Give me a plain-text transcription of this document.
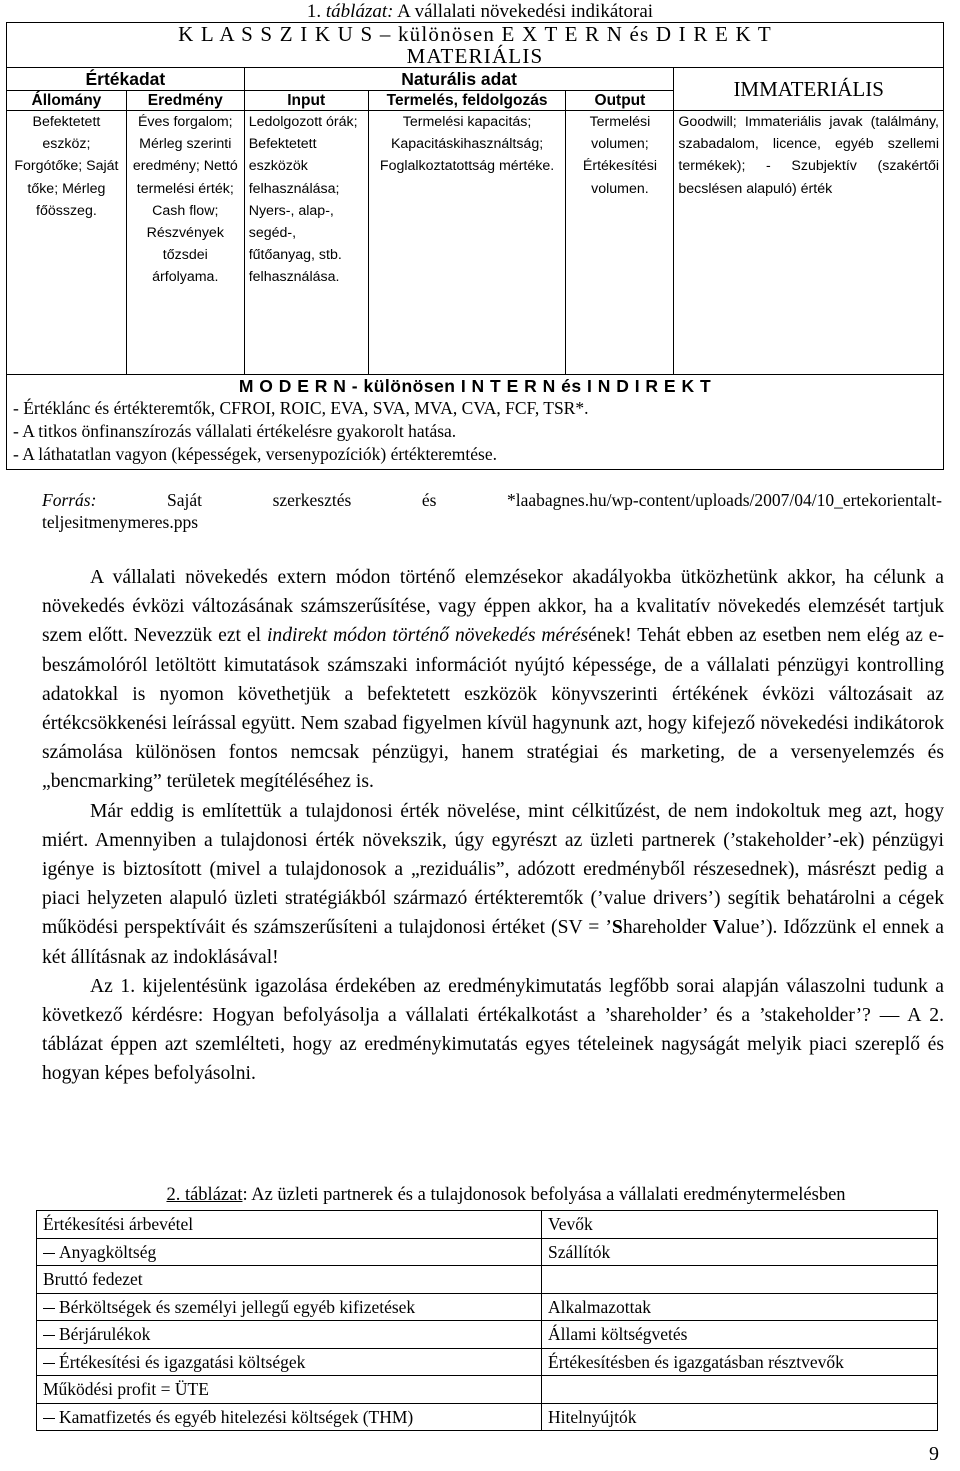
1. táblázat: A vállalati növekedési indikátorai
K L A S S Z I K U S – különösen E X T E R N és D I R E K T
MATERIÁLIS					

Értékadat		Naturális adat			IMMATERIÁLIS
Állomány	Eredmény	Input	Termelés, feldolgozás	Output	
Befektetett eszköz; Forgótőke; Saját tőke; Mérleg főösszeg.	Éves forgalom; Mérleg szerinti eredmény; Nettó termelési érték; Cash flow; Részvények tőzsdei árfolyama.	Ledolgozott órák; Befektetett eszközök felhasználása; Nyers-, alap-, segéd-, fűtőanyag, stb. felhasználása.	Termelési kapacitás; Kapacitáskihasználtság; Foglalkoztatottság mértéke.	Termelési volumen; Értékesítési volumen.	Goodwill; Immateriális javak (találmány, szabadalom, licence, egyéb szellemi termékek); - Szubjektív (szakértői becslésen alapuló) érték

M O D E R N - különösen I N T E R N és I N D I R E K T
- Értéklánc és értékteremtők, CFROI, ROIC, EVA, SVA, MVA, CVA, FCF, TSR*.
- A titkos önfinanszírozás vállalati értékelésre gyakorolt hatása.
- A láthatatlan vagyon (képességek, versenypozíciók) értékteremtése.					
Forrás:	Saját	szerkesztés	és	*laabagnes.hu/wp-content/uploads/2007/04/10_ertekorientalt-
teljesitmenymeres.pps

A vállalati növekedés extern módon történő elemzésekor akadályokba ütközhetünk akkor, ha célunk a növekedés évközi változásának számszerűsítése, vagy éppen akkor, ha a kvalitatív növekedés elemzését tartjuk szem előtt. Nevezzük ezt el indirekt módon történő növekedés mérésének! Tehát ebben az esetben nem elég az e-beszámolóról letöltött kimutatások számszaki információt nyújtó képessége, de a vállalati pénzügyi kontrolling adatokkal is nyomon követhetjük a befektetett eszközök könyvszerinti értékének évközi változásait az értékcsökkenési leírással együtt. Nem szabad figyelmen kívül hagynunk azt, hogy kifejező növekedési indikátorok számolása különösen fontos nemcsak pénzügyi, hanem stratégiai és marketing, de a versenyelemzés és „bencmarking” területek megítéléséhez is.

Már eddig is említettük a tulajdonosi érték növelése, mint célkitűzést, de nem indokoltuk meg azt, hogy miért. Amennyiben a tulajdonosi érték növekszik, úgy egyrészt az üzleti partnerek (’stakeholder’-ek) pénzügyi igénye is biztosított (mivel a tulajdonosok a „reziduális”, adózott eredményből részesednek), másrészt pedig a piaci helyzeten alapuló üzleti stratégiákból származó értékteremtők (’value drivers’) segítik behatárolni a cégek működési perspektíváit és számszerűsíteni a tulajdonosi értéket (SV = ’Shareholder Value’). Időzzünk el ennek a két állításnak az indoklásával!

Az 1. kijelentésünk igazolása érdekében az eredménykimutatás legfőbb sorai alapján válaszolni tudunk a következő kérdésre: Hogyan befolyásolja a vállalati értékalkotást a ’shareholder’ és a ’stakeholder’? — A 2. táblázat éppen azt szemlélteti, hogy az eredménykimutatás egyes tételeinek nagyságát melyik piaci szereplő és hogyan képes befolyásolni.

2. táblázat: Az üzleti partnerek és a tulajdonosok befolyása a vállalati eredménytermelésben
Értékesítési árbevétel	Vevők
Anyagköltség	Szállítók
Bruttó fedezet	
Bérköltségek és személyi jellegű egyéb kifizetések	Alkalmazottak
Bérjárulékok	Állami költségvetés
Értékesítési és igazgatási költségek	Értékesítésben és igazgatásban résztvevők
Működési profit = ÜTE	
Kamatfizetés és egyéb hitelezési költségek (THM)	Hitelnyújtók
9
